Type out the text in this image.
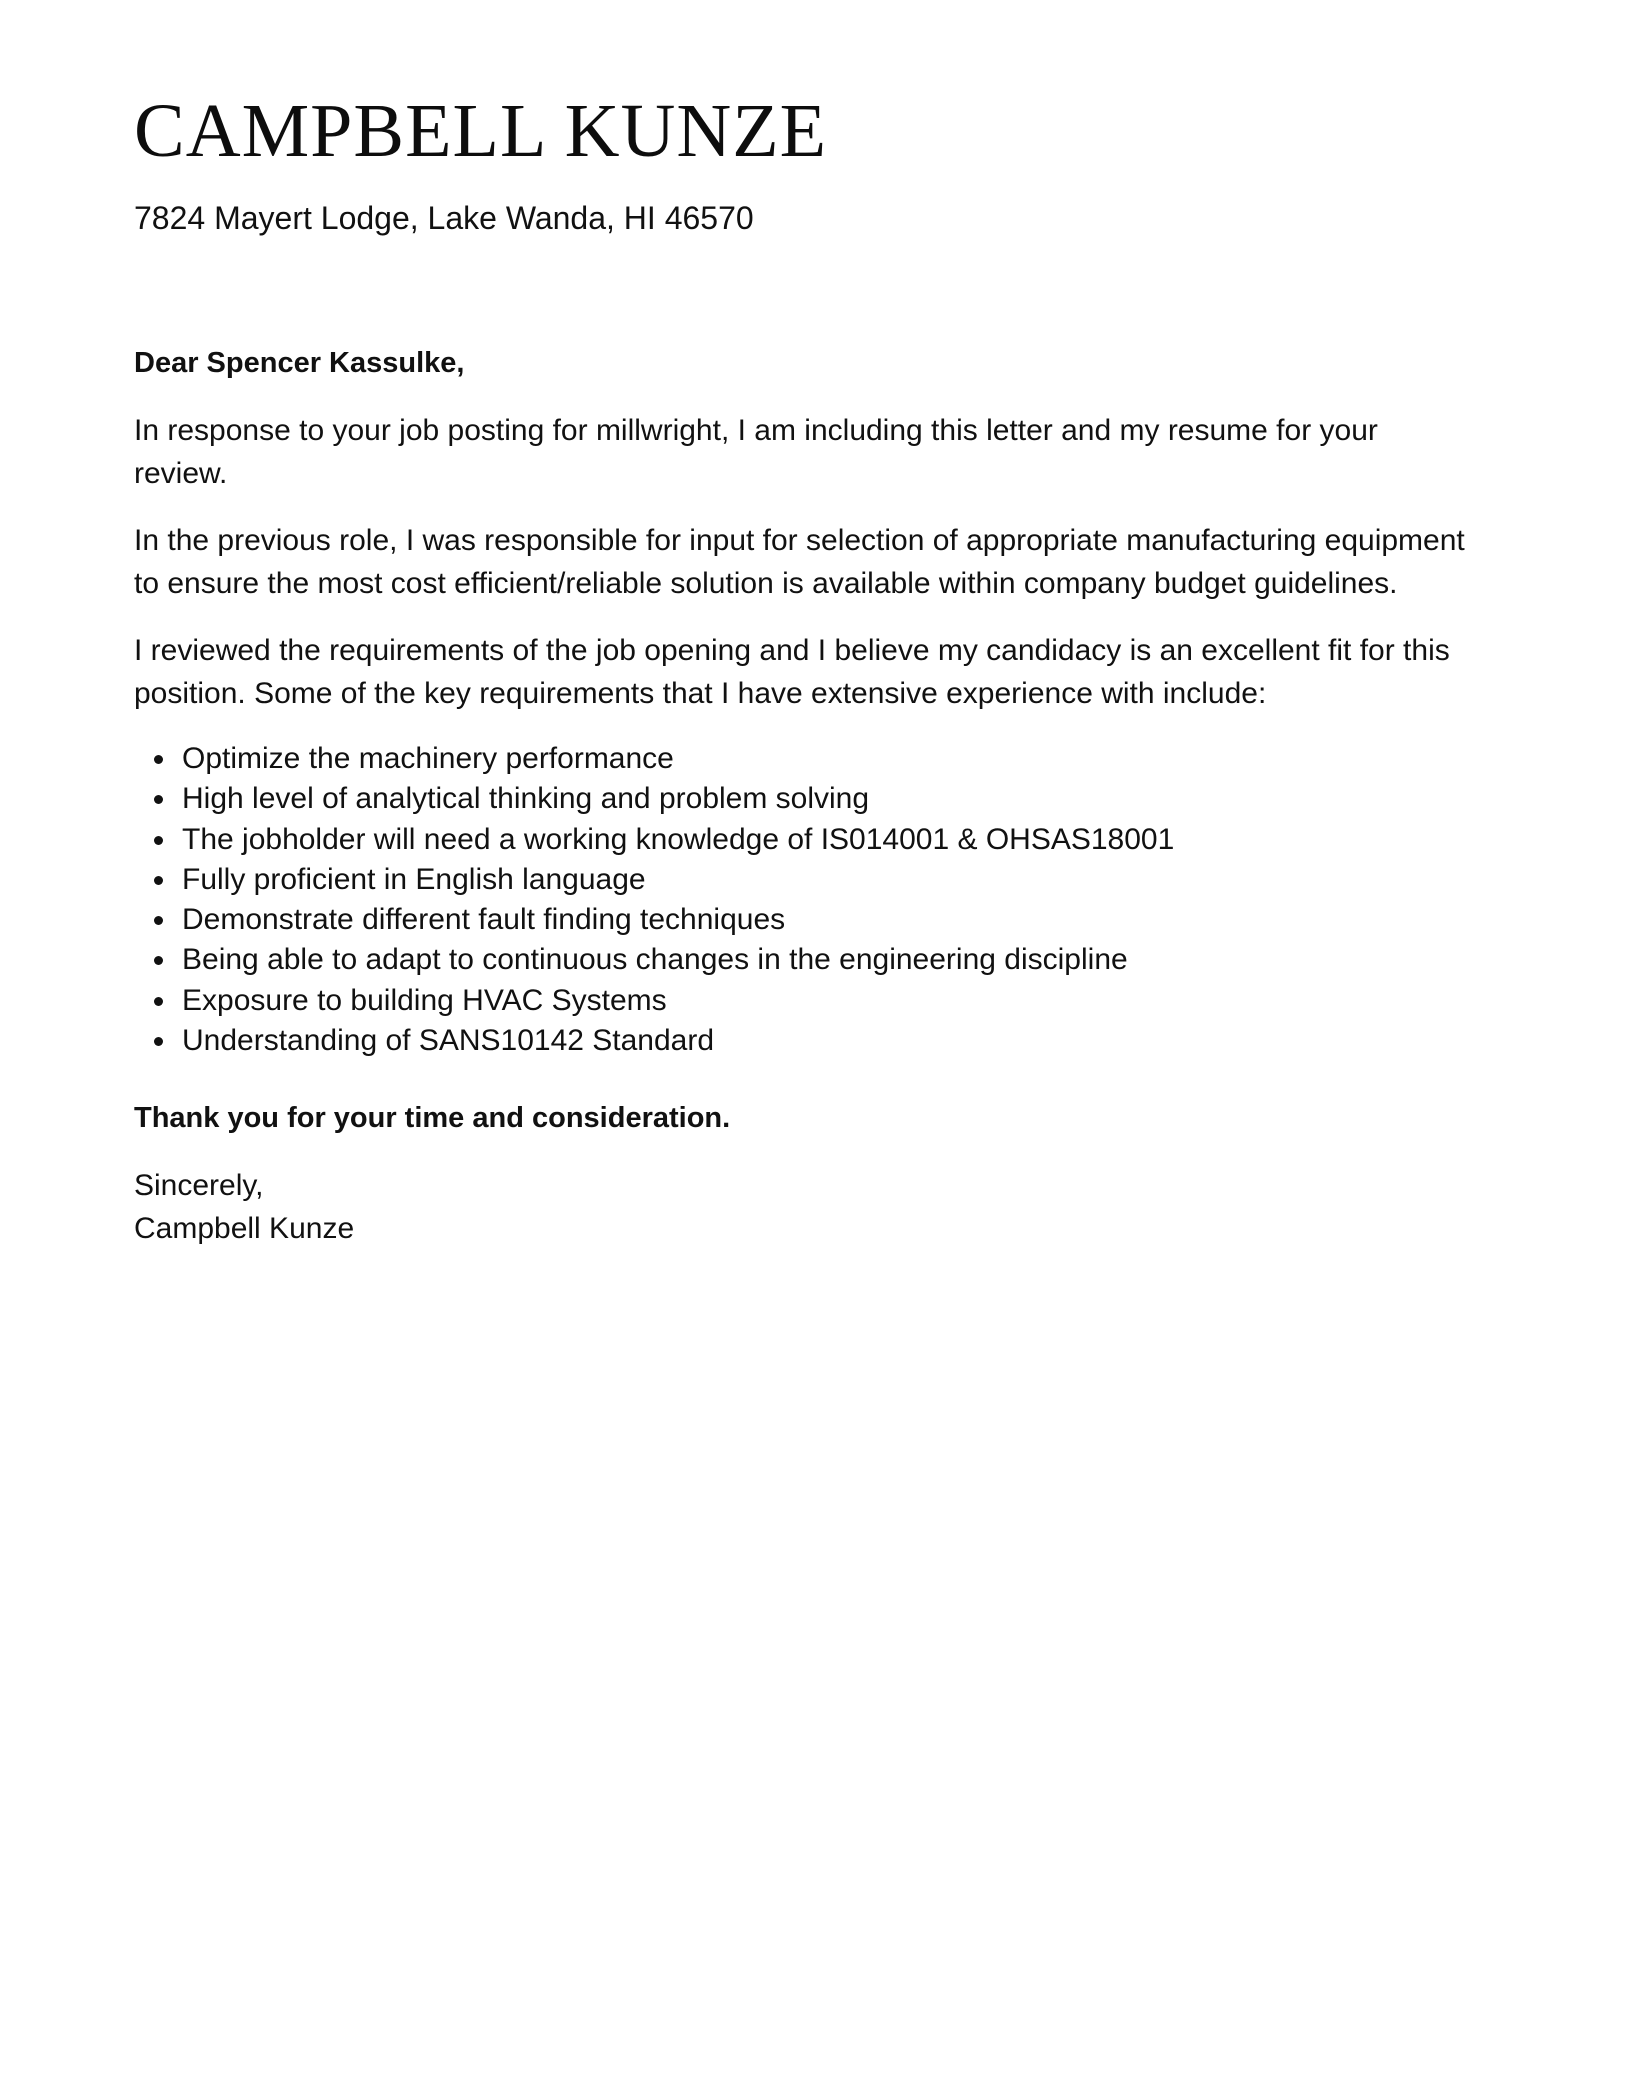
CAMPBELL KUNZE
7824 Mayert Lodge, Lake Wanda, HI 46570
Dear Spencer Kassulke,

In response to your job posting for millwright, I am including this letter and my resume for your review.

In the previous role, I was responsible for input for selection of appropriate manufacturing equipment to ensure the most cost efficient/reliable solution is available within company budget guidelines.

I reviewed the requirements of the job opening and I believe my candidacy is an excellent fit for this position. Some of the key requirements that I have extensive experience with include:

Optimize the machinery performance
High level of analytical thinking and problem solving
The jobholder will need a working knowledge of IS014001 & OHSAS18001
Fully proficient in English language
Demonstrate different fault finding techniques
Being able to adapt to continuous changes in the engineering discipline
Exposure to building HVAC Systems
Understanding of SANS10142 Standard
Thank you for your time and consideration.
Sincerely,
Campbell Kunze
